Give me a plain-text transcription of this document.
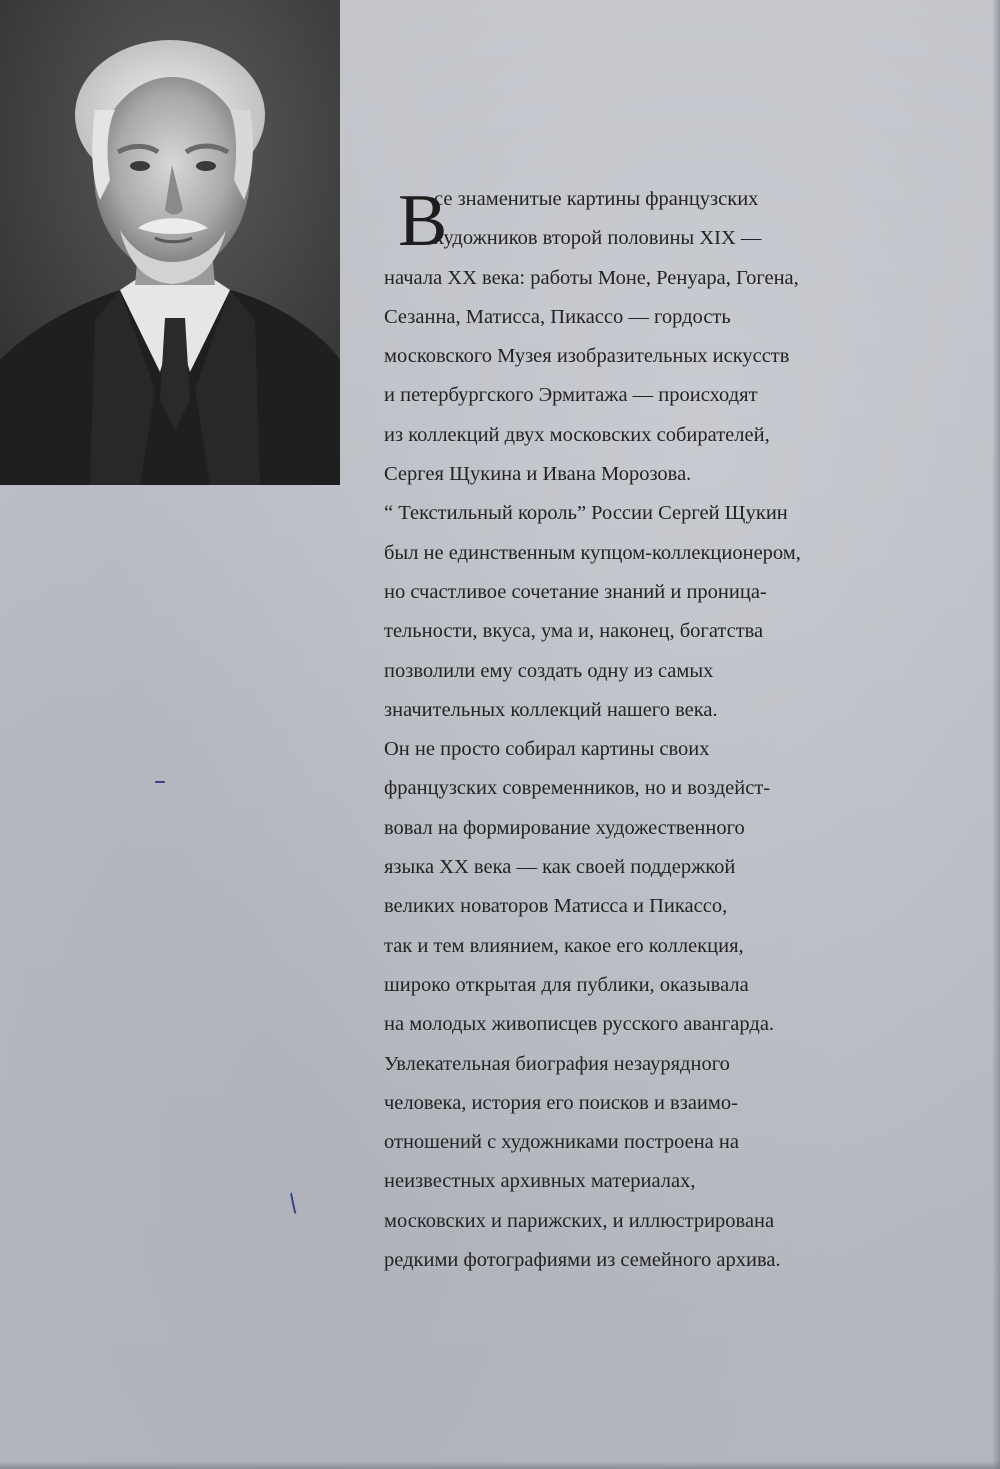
В
се знаменитые картины французских
художников второй половины XIX —
начала XX века: работы Моне, Ренуара, Гогена,
Сезанна, Матисса, Пикассо — гордость
московского Музея изобразительных искусств
и петербургского Эрмитажа — происходят
из коллекций двух московских собирателей,
Сергея Щукина и Ивана Морозова.
“ Текстильный король” России Сергей Щукин
был не единственным купцом-коллекционером,
но счастливое сочетание знаний и проница-
тельности, вкуса, ума и, наконец, богатства
позволили ему создать одну из самых
значительных коллекций нашего века.
Он не просто собирал картины своих
французских современников, но и воздейст-
вовал на формирование художественного
языка XX века — как своей поддержкой
великих новаторов Матисса и Пикассо,
так и тем влиянием, какое его коллекция,
широко открытая для публики, оказывала
на молодых живописцев русского авангарда.
Увлекательная биография незаурядного
человека, история его поисков и взаимо-
отношений с художниками построена на
неизвестных архивных материалах,
московских и парижских, и иллюстрирована
редкими фотографиями из семейного архива.
